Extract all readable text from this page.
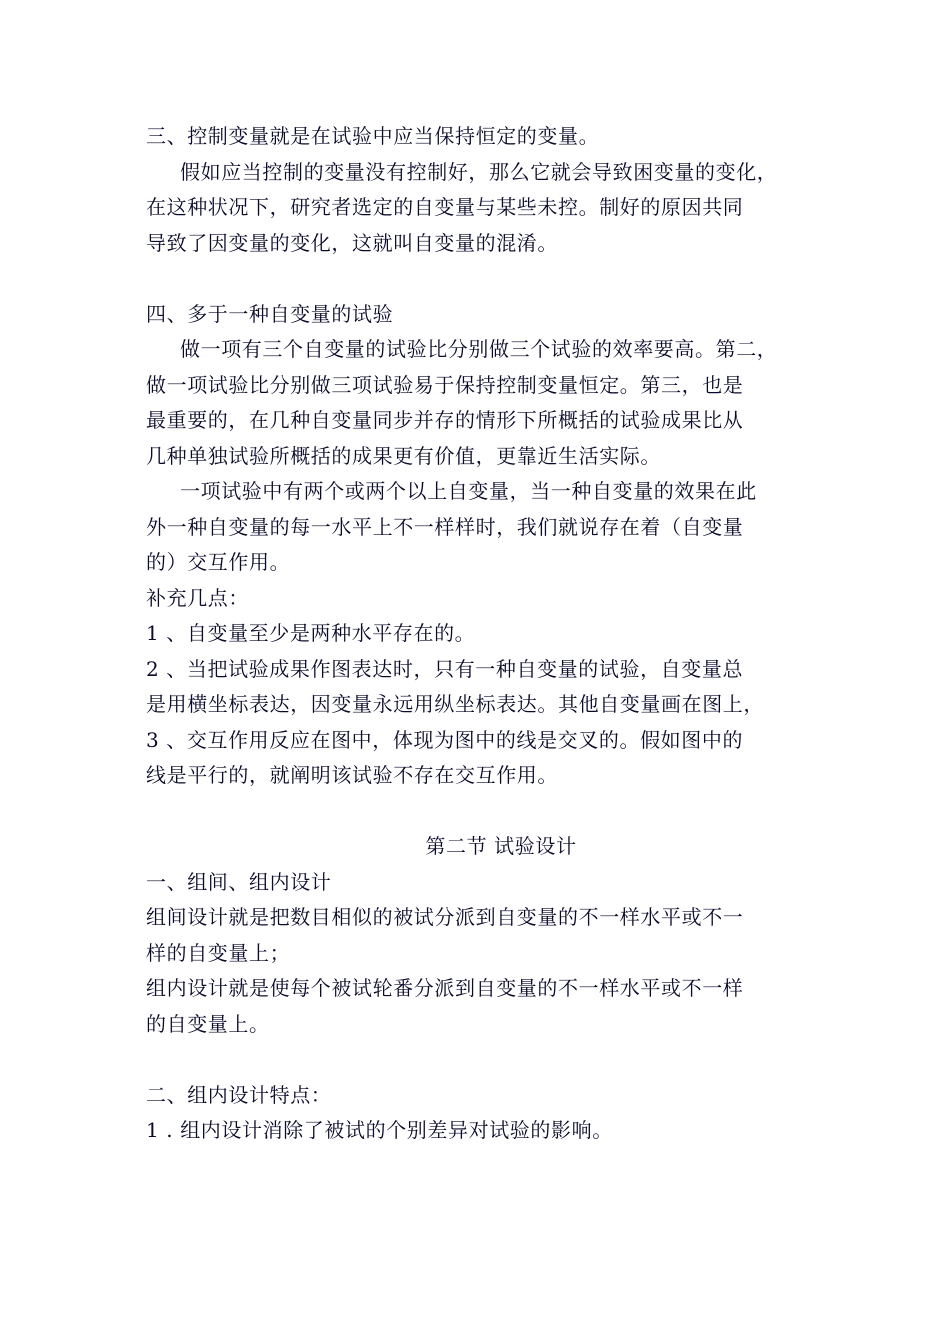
三、控制变量就是在试验中应当保持恒定的变量。
假如应当控制的变量没有控制好，那么它就会导致困变量的变化，
在这种状况下，研究者选定的自变量与某些未控。制好的原因共同
导致了因变量的变化，这就叫自变量的混淆。
四、多于一种自变量的试验
做一项有三个自变量的试验比分别做三个试验的效率要高。第二，
做一项试验比分别做三项试验易于保持控制变量恒定。第三，也是
最重要的，在几种自变量同步并存的情形下所概括的试验成果比从
几种单独试验所概括的成果更有价值，更靠近生活实际。
一项试验中有两个或两个以上自变量，当一种自变量的效果在此
外一种自变量的每一水平上不一样样时，我们就说存在着（自变量
的）交互作用。
补充几点：
1 、自变量至少是两种水平存在的。
2 、当把试验成果作图表达时，只有一种自变量的试验，自变量总
是用横坐标表达，因变量永远用纵坐标表达。其他自变量画在图上，
3 、交互作用反应在图中，体现为图中的线是交叉的。假如图中的
线是平行的，就阐明该试验不存在交互作用。
第二节 试验设计
一、组间、组内设计
组间设计就是把数目相似的被试分派到自变量的不一样水平或不一
样的自变量上；
组内设计就是使每个被试轮番分派到自变量的不一样水平或不一样
的自变量上。
二、组内设计特点：
1 . 组内设计消除了被试的个别差异对试验的影响。
